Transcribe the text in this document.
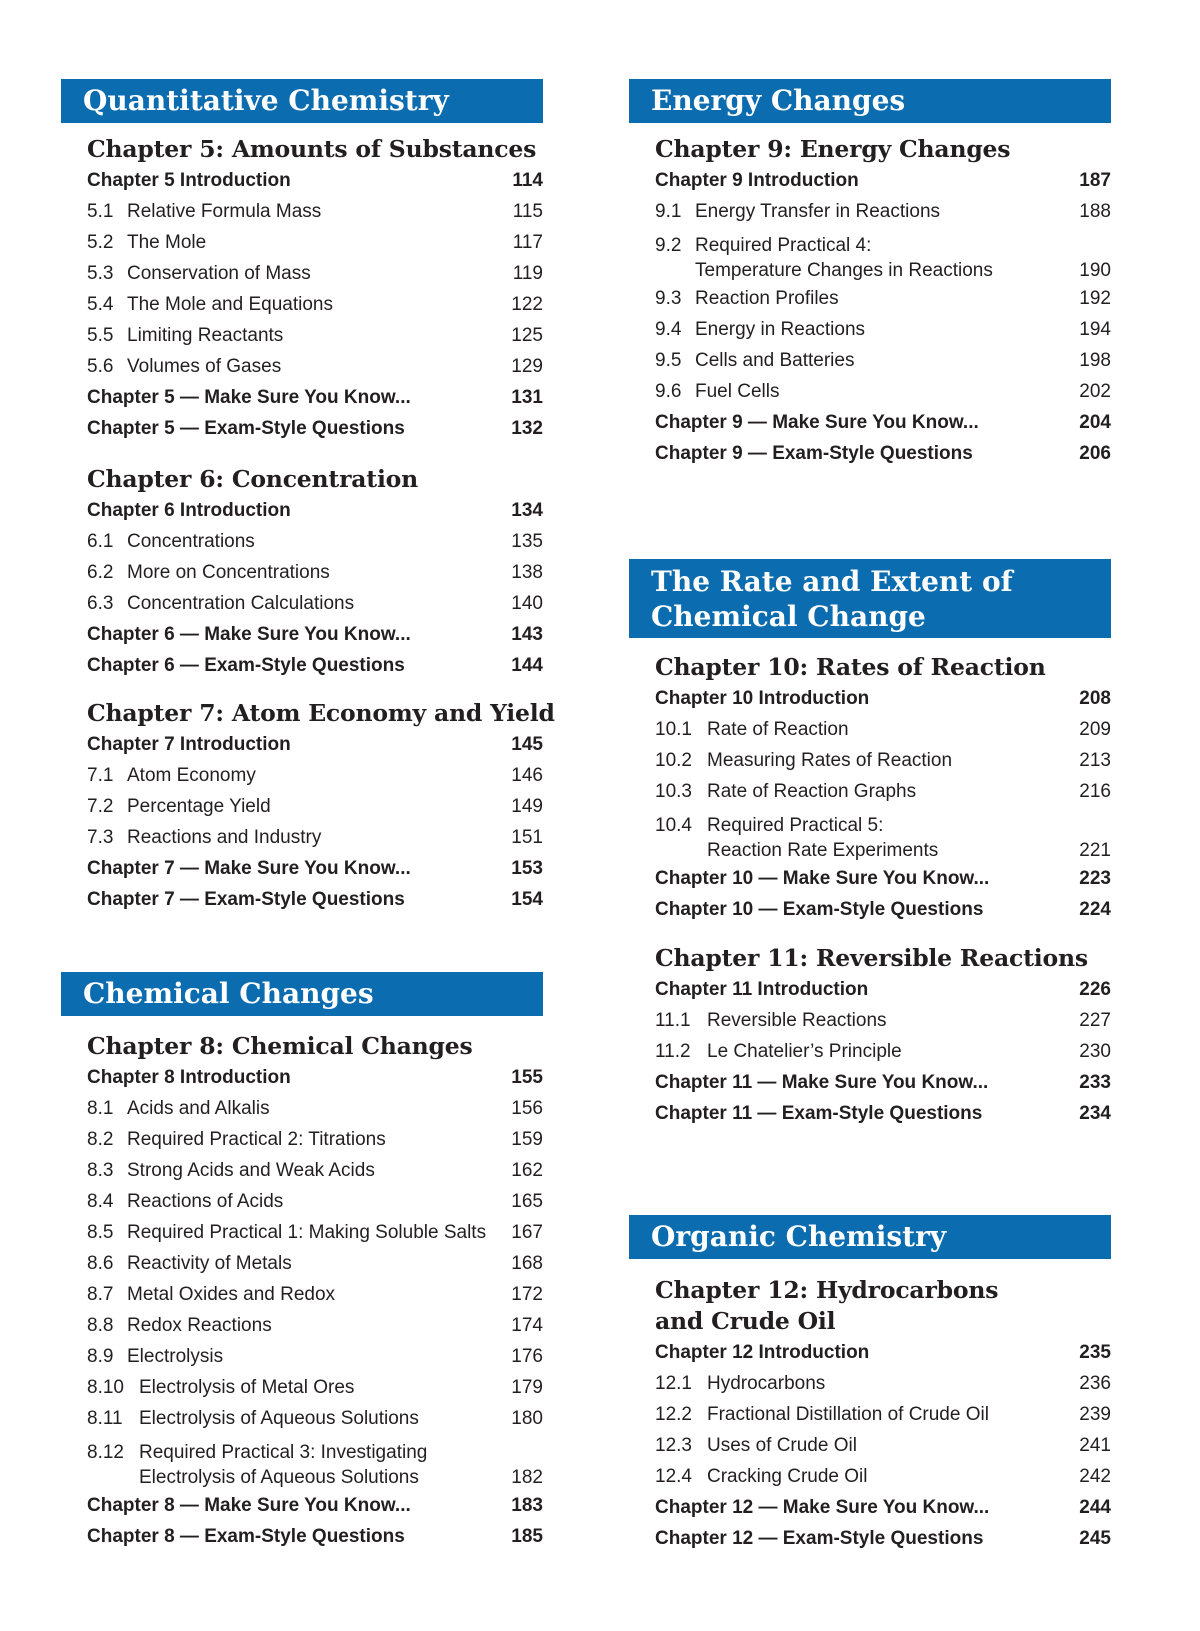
Quantitative Chemistry
Chapter 5: Amounts of Substances
Chapter 5 Introduction	114
5.1 Relative Formula Mass	115
5.2 The Mole	117
5.3 Conservation of Mass	119
5.4 The Mole and Equations	122
5.5 Limiting Reactants	125
5.6 Volumes of Gases	129
Chapter 5 — Make Sure You Know...	131
Chapter 5 — Exam-Style Questions	132
Chapter 6: Concentration
Chapter 6 Introduction	134
6.1 Concentrations	135
6.2 More on Concentrations	138
6.3 Concentration Calculations	140
Chapter 6 — Make Sure You Know...	143
Chapter 6 — Exam-Style Questions	144
Chapter 7: Atom Economy and Yield
Chapter 7 Introduction	145
7.1 Atom Economy	146
7.2 Percentage Yield	149
7.3 Reactions and Industry	151
Chapter 7 — Make Sure You Know...	153
Chapter 7 — Exam-Style Questions	154
Chemical Changes
Chapter 8: Chemical Changes
Chapter 8 Introduction	155
8.1 Acids and Alkalis	156
8.2 Required Practical 2: Titrations	159
8.3 Strong Acids and Weak Acids	162
8.4 Reactions of Acids	165
8.5 Required Practical 1: Making Soluble Salts	167
8.6 Reactivity of Metals	168
8.7 Metal Oxides and Redox	172
8.8 Redox Reactions	174
8.9 Electrolysis	176
8.10 Electrolysis of Metal Ores	179
8.11 Electrolysis of Aqueous Solutions	180
8.12 Required Practical 3: Investigating
Electrolysis of Aqueous Solutions	182
Chapter 8 — Make Sure You Know...	183
Chapter 8 — Exam-Style Questions	185
Energy Changes
Chapter 9: Energy Changes
Chapter 9 Introduction	187
9.1 Energy Transfer in Reactions	188
9.2 Required Practical 4:
Temperature Changes in Reactions	190
9.3 Reaction Profiles	192
9.4 Energy in Reactions	194
9.5 Cells and Batteries	198
9.6 Fuel Cells	202
Chapter 9 — Make Sure You Know...	204
Chapter 9 — Exam-Style Questions	206
The Rate and Extent of
Chemical Change
Chapter 10: Rates of Reaction
Chapter 10 Introduction	208
10.1 Rate of Reaction	209
10.2 Measuring Rates of Reaction	213
10.3 Rate of Reaction Graphs	216
10.4 Required Practical 5:
Reaction Rate Experiments	221
Chapter 10 — Make Sure You Know...	223
Chapter 10 — Exam-Style Questions	224
Chapter 11: Reversible Reactions
Chapter 11 Introduction	226
11.1 Reversible Reactions	227
11.2 Le Chatelier’s Principle	230
Chapter 11 — Make Sure You Know...	233
Chapter 11 — Exam-Style Questions	234
Organic Chemistry
Chapter 12: Hydrocarbons
and Crude Oil
Chapter 12 Introduction	235
12.1 Hydrocarbons	236
12.2 Fractional Distillation of Crude Oil	239
12.3 Uses of Crude Oil	241
12.4 Cracking Crude Oil	242
Chapter 12 — Make Sure You Know...	244
Chapter 12 — Exam-Style Questions	245
